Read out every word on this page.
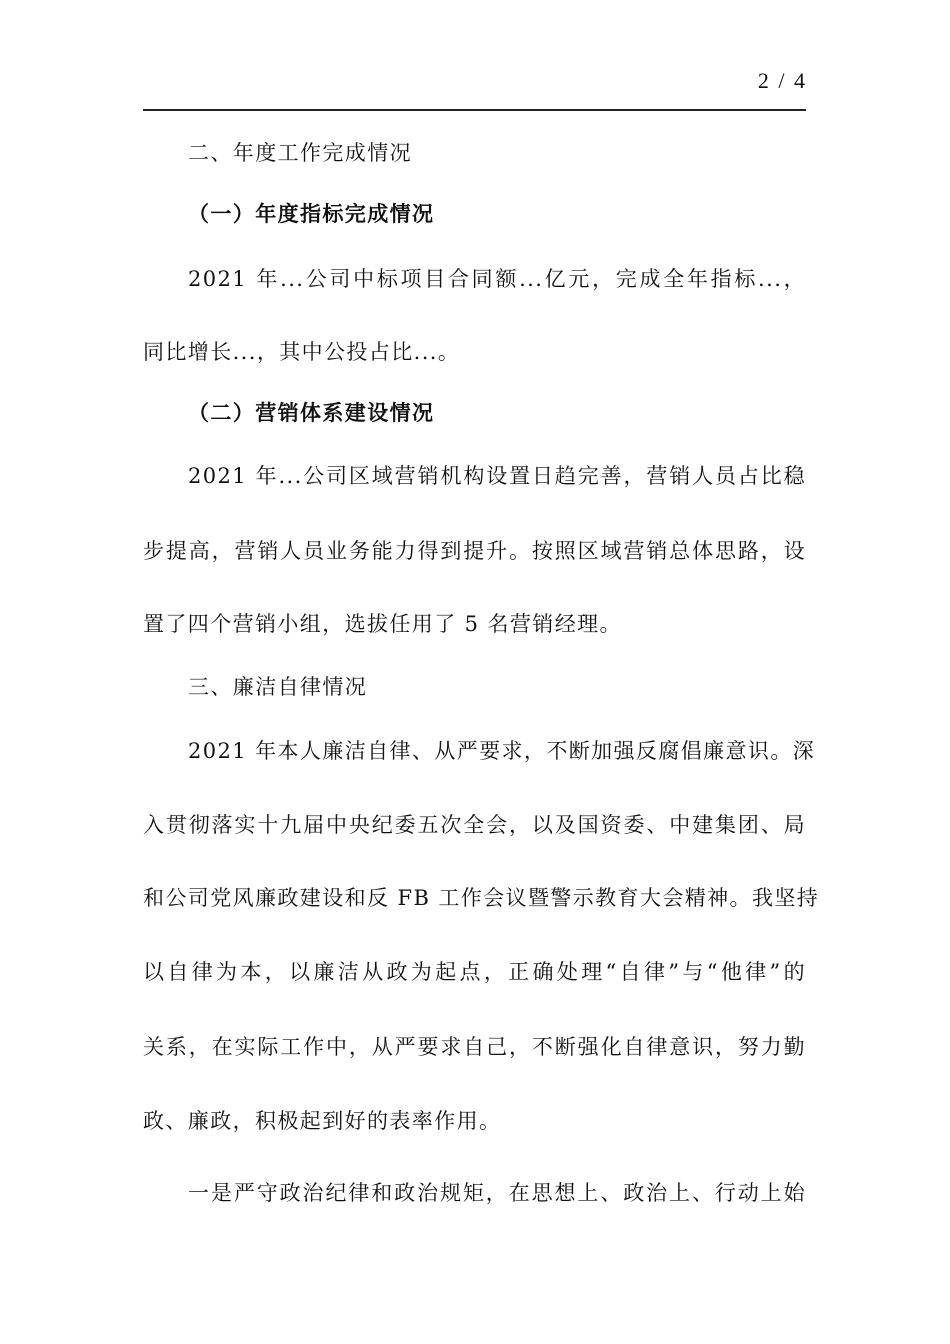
2 / 4
二、年度工作完成情况
（一）年度指标完成情况
2021 年...公司中标项目合同额...亿元，完成全年指标...，
同比增长...，其中公投占比...。
（二）营销体系建设情况
2021 年...公司区域营销机构设置日趋完善，营销人员占比稳
步提高，营销人员业务能力得到提升。按照区域营销总体思路，设
置了四个营销小组，选拔任用了 5 名营销经理。
三、廉洁自律情况
2021 年本人廉洁自律、从严要求，不断加强反腐倡廉意识。深
入贯彻落实十九届中央纪委五次全会，以及国资委、中建集团、局
和公司党风廉政建设和反 FB 工作会议暨警示教育大会精神。我坚持
以自律为本，以廉洁从政为起点，正确处理“自律”与“他律”的
关系，在实际工作中，从严要求自己，不断强化自律意识，努力勤
政、廉政，积极起到好的表率作用。
一是严守政治纪律和政治规矩，在思想上、政治上、行动上始
